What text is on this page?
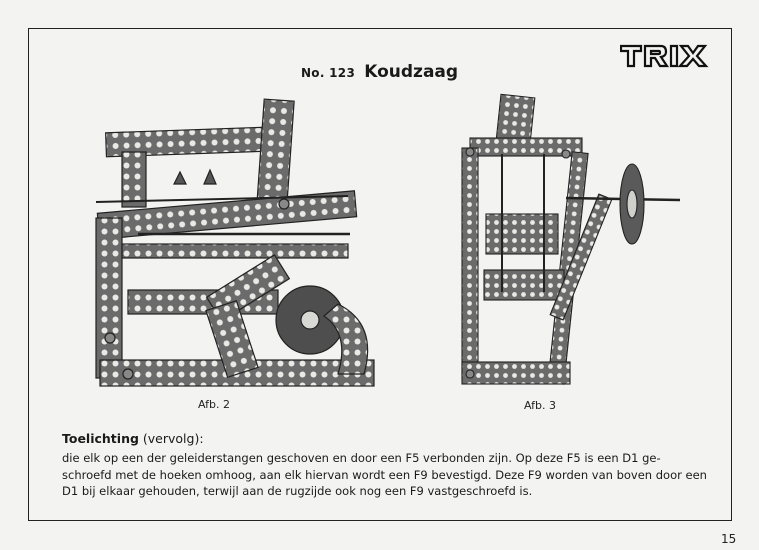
No. 123 Koudzaag
Afb. 2	Afb. 3
Toelichting (vervolg):
die elk op een der geleiderstangen geschoven en door een F5 verbonden zijn. Op deze F5 is een D1 ge-
schroefd met de hoeken omhoog, aan elk hiervan wordt een F9 bevestigd. Deze F9 worden van boven door een
D1 bij elkaar gehouden, terwijl aan de rugzijde ook nog een F9 vastgeschroefd is.
15
